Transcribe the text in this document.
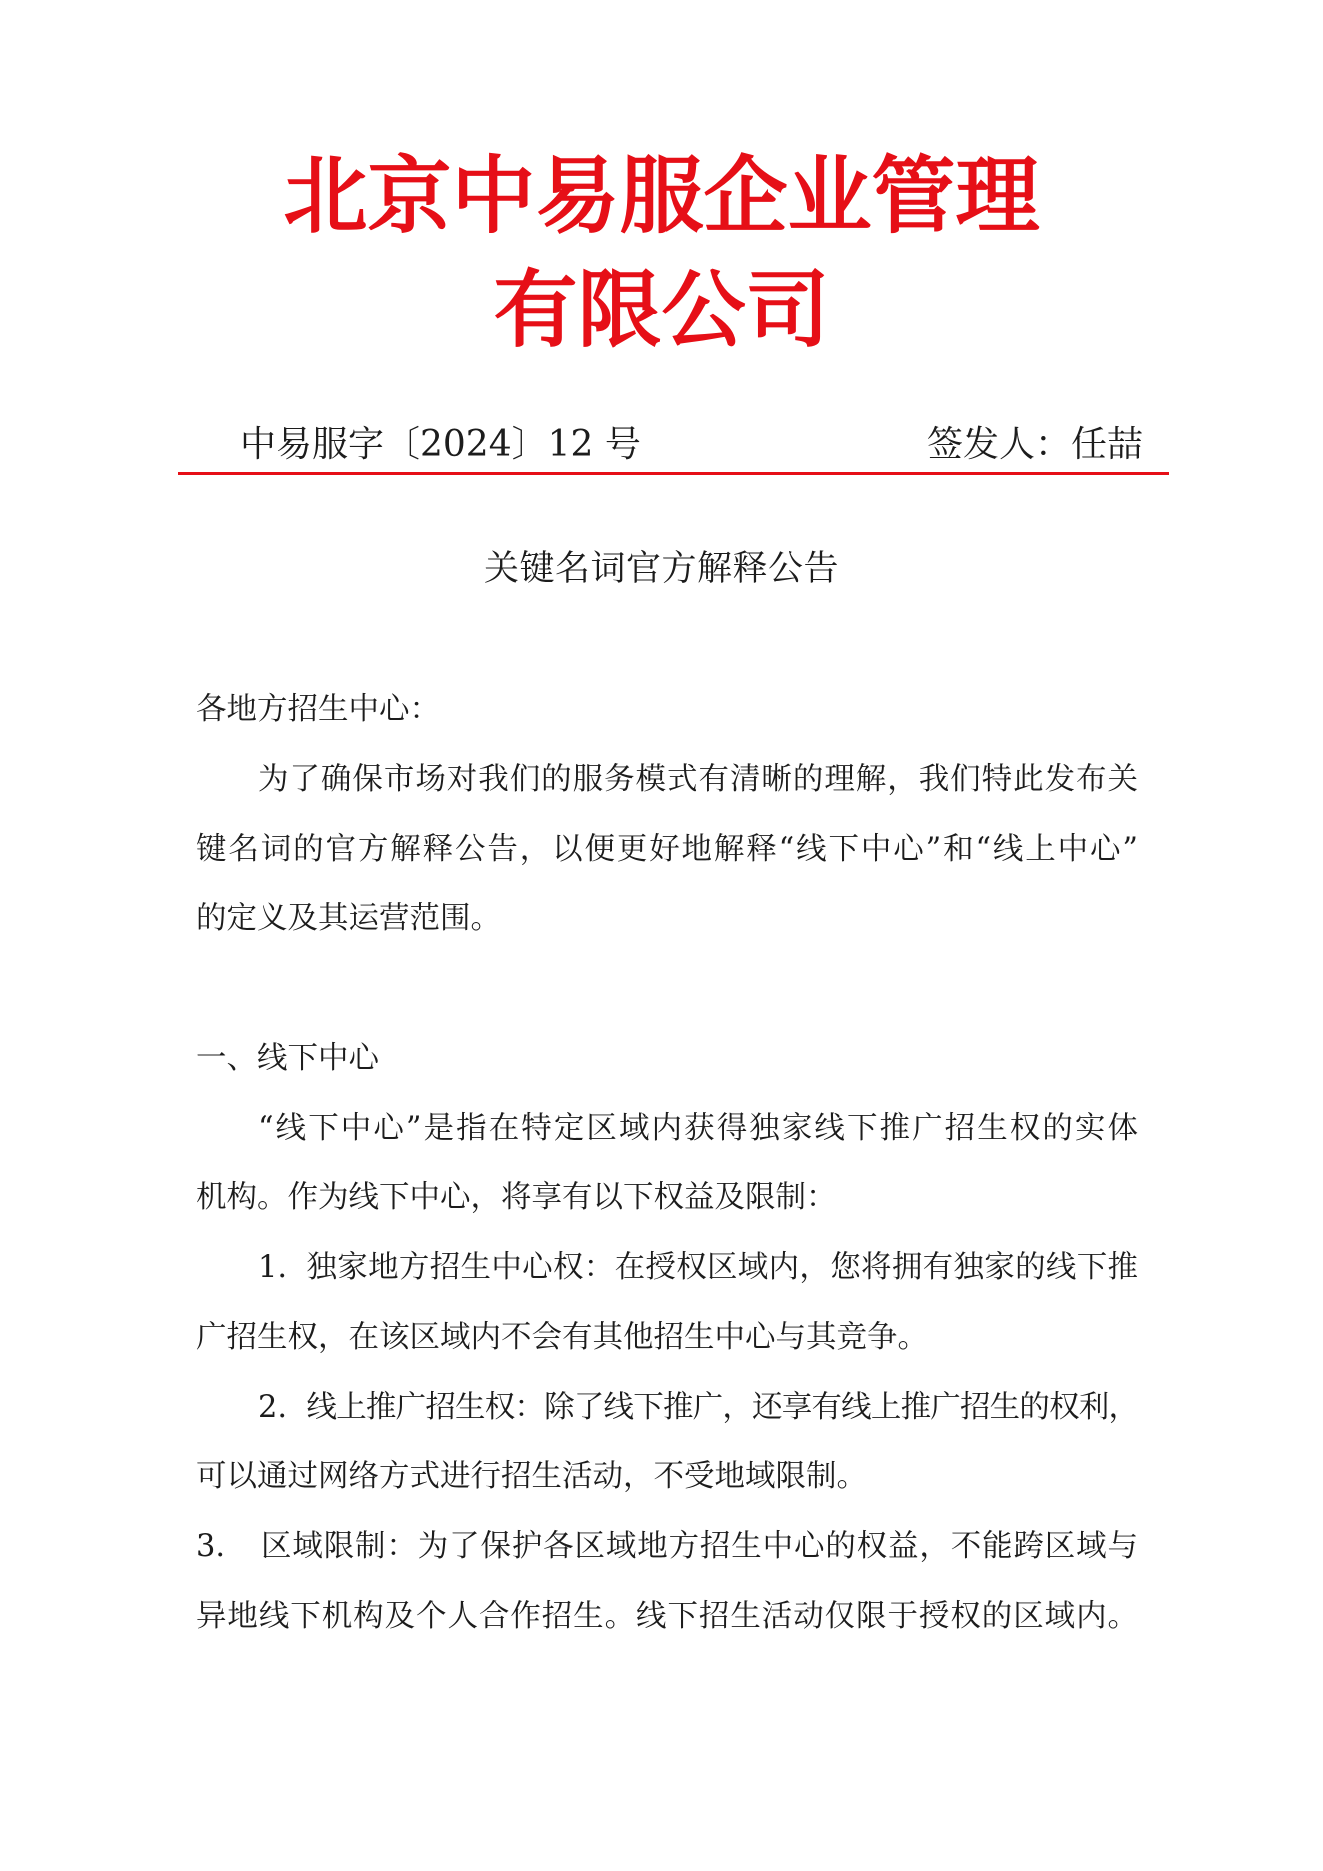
北京中易服企业管理
有限公司
中易服字〔2024〕12 号	签发人：任喆
关键名词官方解释公告
各地方招生中心：
为了确保市场对我们的服务模式有清晰的理解，我们特此发布关
键名词的官方解释公告，以便更好地解释“线下中心”和“线上中心”
的定义及其运营范围。
一、线下中心
“线下中心”是指在特定区域内获得独家线下推广招生权的实体
机构。作为线下中心，将享有以下权益及限制：
1. 独家地方招生中心权：在授权区域内，您将拥有独家的线下推
广招生权，在该区域内不会有其他招生中心与其竞争。
2. 线上推广招生权：除了线下推广，还享有线上推广招生的权利，
可以通过网络方式进行招生活动，不受地域限制。
3.	区域限制：为了保护各区域地方招生中心的权益，不能跨区域与
异地线下机构及个人合作招生。线下招生活动仅限于授权的区域内。
